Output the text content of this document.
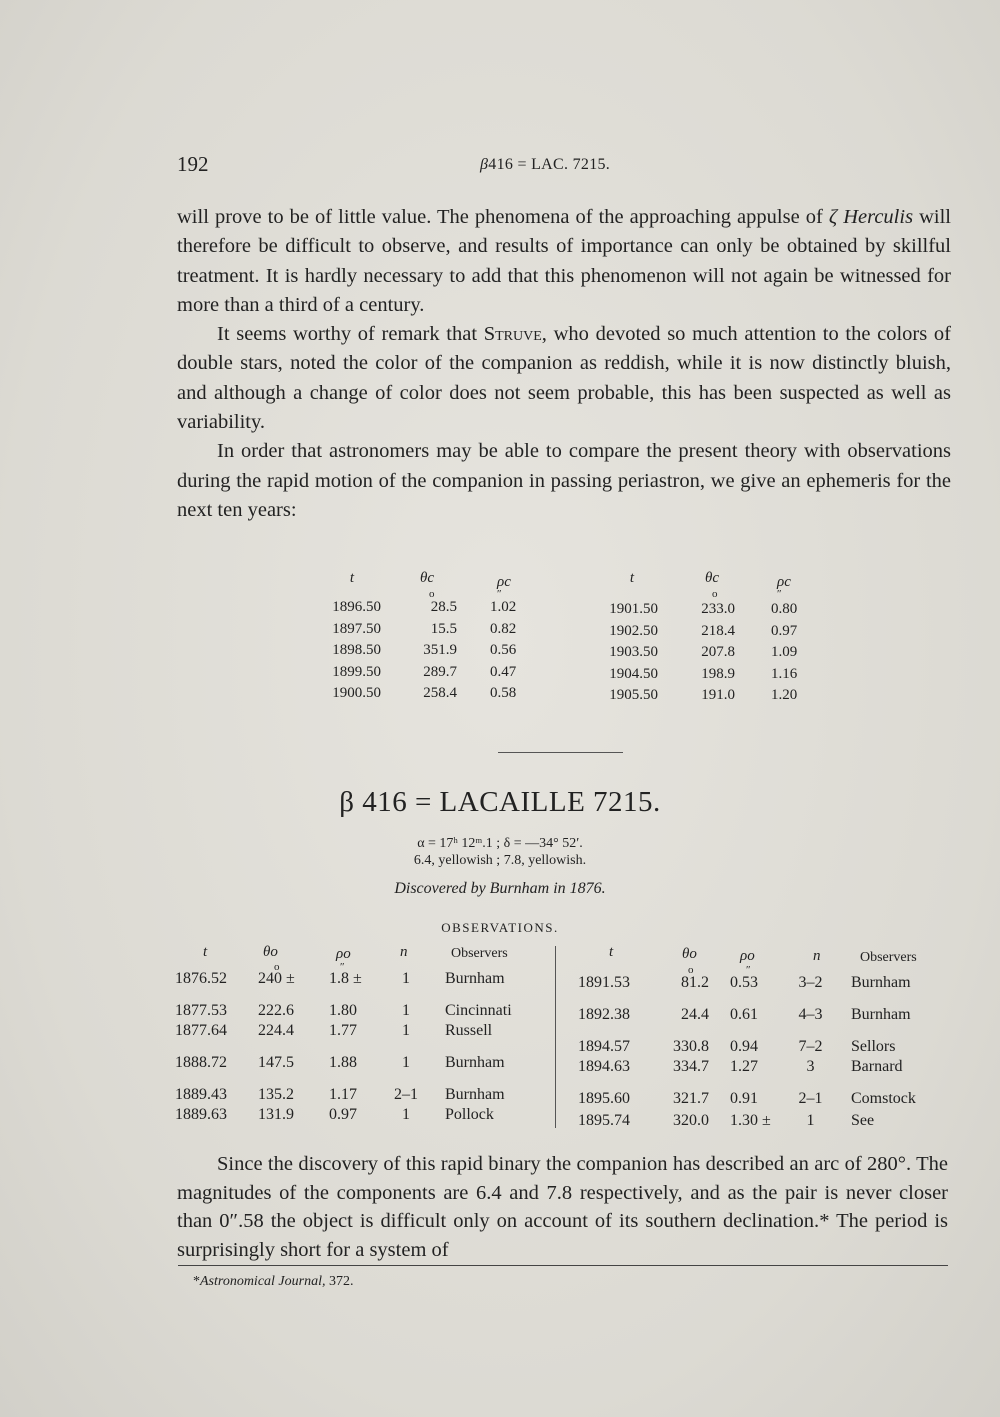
192	β416 = LAC. 7215.

will prove to be of little value. The phenomena of the approaching appulse of ζ Herculis will therefore be difficult to observe, and results of importance can only be obtained by skillful treatment. It is hardly necessary to add that this phenomenon will not again be witnessed for more than a third of a century.

It seems worthy of remark that Struve, who devoted so much attention to the colors of double stars, noted the color of the companion as reddish, while it is now distinctly bluish, and although a change of color does not seem probable, this has been suspected as well as variability.

In order that astronomers may be able to compare the present theory with observations during the rapid motion of the companion in passing periastron, we give an ephemeris for the next ten years:

t	θc	ρc
o	″
t	θc	ρc
o	″
1896.50	28.5 1.02
1897.50	15.5 0.82
1898.50	351.9 0.56
1899.50	289.7 0.47
1900.50	258.4 0.58
1901.50	233.0 0.80
1902.50	218.4 0.97
1903.50	207.8 1.09
1904.50	198.9 1.16
1905.50	191.0 1.20
β 416 = LACAILLE 7215.
α = 17ʰ 12ᵐ.1 ; δ = —34° 52′.
6.4, yellowish ; 7.8, yellowish.
Discovered by Burnham in 1876.
OBSERVATIONS.
t	θo	ρo	n	Observers
o	″
t	θo	ρo	n	Observers
o	″
1876.52	240 ±	1.8 ±	1	Burnham
1877.53	222.6	1.80	1	Cincinnati
1877.64	224.4	1.77	1	Russell
1888.72	147.5	1.88	1	Burnham
1889.43	135.2	1.17	2–1	Burnham
1889.63	131.9	0.97	1	Pollock
1891.53	81.2 0.53	3–2	Burnham
1892.38	24.4 0.61	4–3	Burnham
1894.57	330.8 0.94	7–2	Sellors
1894.63	334.7 1.27	3	Barnard
1895.60	321.7 0.91	2–1	Comstock
1895.74	320.0 1.30 ±	1	See

Since the discovery of this rapid binary the companion has described an arc of 280°. The magnitudes of the components are 6.4 and 7.8 respectively, and as the pair is never closer than 0″.58 the object is difficult only on account of its southern declination.* The period is surprisingly short for a system of

*Astronomical Journal, 372.
